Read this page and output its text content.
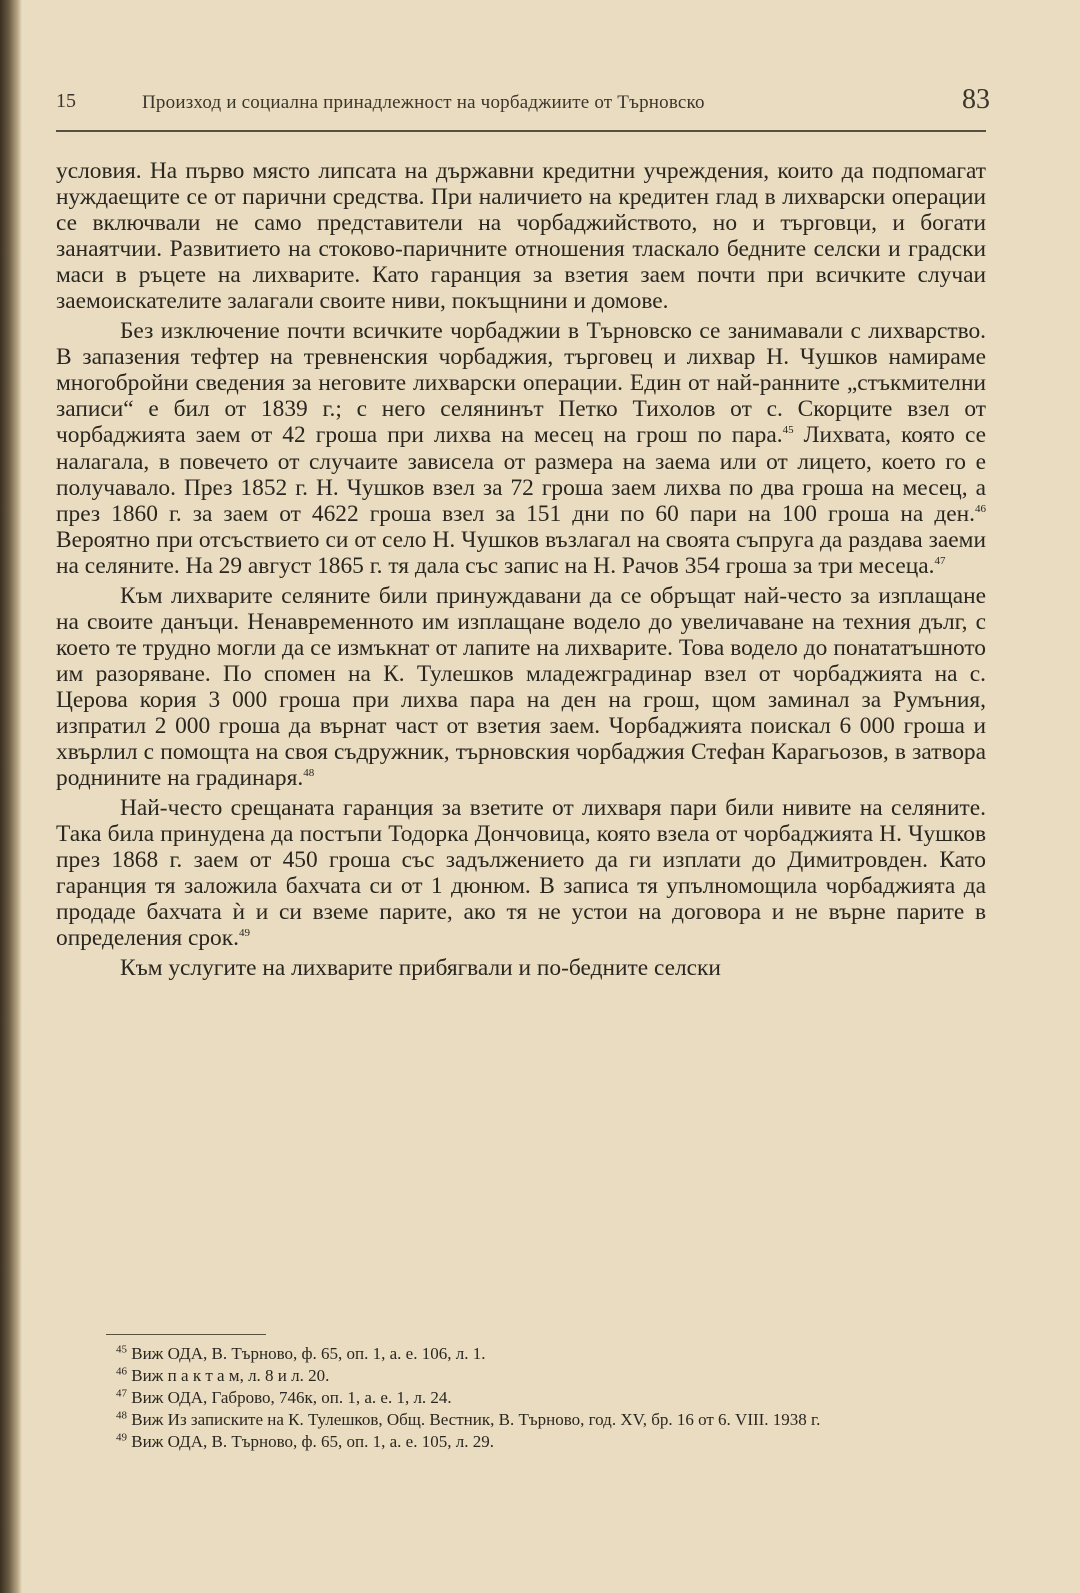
15	Произход и социална принадлежност на чорбаджиите от Търновско	83

условия. На първо място липсата на държавни кредитни учреждения, които да подпомагат нуждаещите се от парични средства. При наличието на кредитен глад в лихварски операции се включвали не само представители на чорбаджийството, но и търговци, и богати занаятчии. Развитието на стоково-паричните отношения тласкало бедните селски и градски маси в ръцете на лихварите. Като гаранция за взетия заем почти при всичките случаи заемоискателите залагали своите ниви, покъщнини и домове.

Без изключение почти всичките чорбаджии в Търновско се занимавали с лихварство. В запазения тефтер на тревненския чорбаджия, търговец и лихвар Н. Чушков намираме многобройни сведения за неговите лихварски операции. Един от най-ранните „стъкмителни записи“ е бил от 1839 г.; с него селянинът Петко Тихолов от с. Скорците взел от чорбаджията заем от 42 гроша при лихва на месец на грош по пара.$^{45}$ Лихвата, която се налагала, в повечето от случаите зависела от размера на заема или от лицето, което го е получавало. През 1852 г. Н. Чушков взел за 72 гроша заем лихва по два гроша на месец, а през 1860 г. за заем от 4622 гроша взел за 151 дни по 60 пари на 100 гроша на ден.$^{46}$ Вероятно при отсъствието си от село Н. Чушков възлагал на своята съпруга да раздава заеми на селяните. На 29 август 1865 г. тя дала със запис на Н. Рачов 354 гроша за три месеца.$^{47}$

Към лихварите селяните били принуждавани да се обръщат най-често за изплащане на своите данъци. Ненавременното им изплащане водело до увеличаване на техния дълг, с което те трудно могли да се измъкнат от лапите на лихварите. Това водело до понататъшното им разоряване. По спомен на К. Тулешков младежградинар взел от чорбаджията на с. Церова кория 3 000 гроша при лихва пара на ден на грош, щом заминал за Румъния, изпратил 2 000 гроша да върнат част от взетия заем. Чорбаджията поискал 6 000 гроша и хвърлил с помощта на своя съдружник, търновския чорбаджия Стефан Карагьозов, в затвора роднините на градинаря.$^{48}$

Най-често срещаната гаранция за взетите от лихваря пари били нивите на селяните. Така била принудена да постъпи Тодорка Дончовица, която взела от чорбаджията Н. Чушков през 1868 г. заем от 450 гроша със задължението да ги изплати до Димитровден. Като гаранция тя заложила бахчата си от 1 дюнюм. В записа тя упълномощила чорбаджията да продаде бахчата ѝ и си вземе парите, ако тя не устои на договора и не върне парите в определения срок.$^{49}$

Към услугите на лихварите прибягвали и по-бедните селски

$^{45}$ Виж ОДА, В. Търново, ф. 65, оп. 1, а. е. 106, л. 1.

$^{46}$ Виж п а к т а м, л. 8 и л. 20.

$^{47}$ Виж ОДА, Габрово, 746к, оп. 1, а. е. 1, л. 24.

$^{48}$ Виж Из записките на К. Тулешков, Общ. Вестник, В. Търново, год. XV, бр. 16 от 6. VIII. 1938 г.

$^{49}$ Виж ОДА, В. Търново, ф. 65, оп. 1, а. е. 105, л. 29.
